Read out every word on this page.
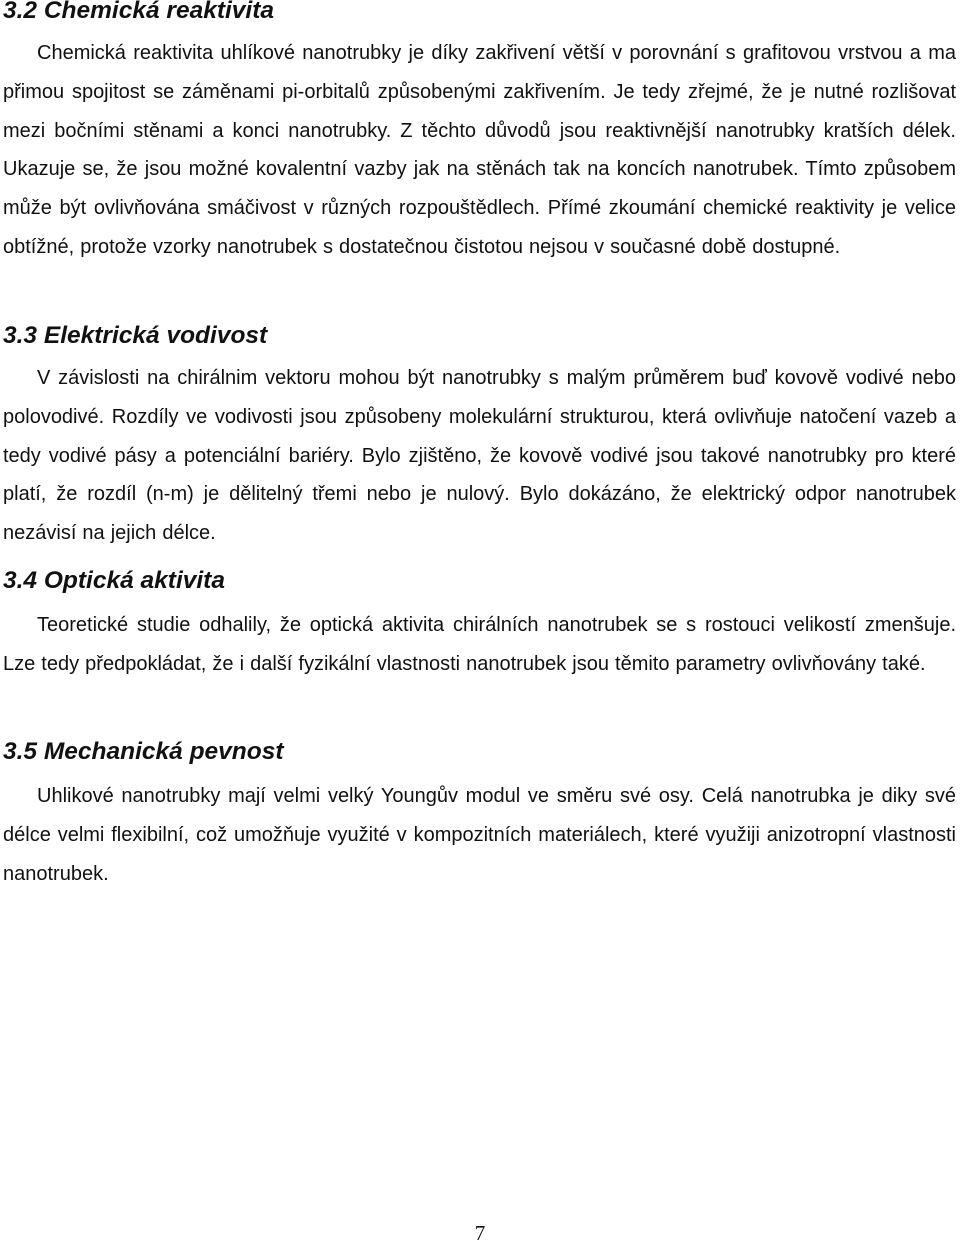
3.2 Chemická reaktivita

Chemická reaktivita uhlíkové nanotrubky je díky zakřivení větší v porovnání s grafitovou vrstvou a ma přimou spojitost se záměnami pi-orbitalů způsobenými zakřivením. Je tedy zřejmé, že je nutné rozlišovat mezi bočními stěnami a konci nanotrubky. Z těchto důvodů jsou reaktivnější nanotrubky kratších délek. Ukazuje se, že jsou možné kovalentní vazby jak na stěnách tak na koncích nanotrubek. Tímto způsobem může být ovlivňována smáčivost v různých rozpouštědlech. Přímé zkoumání chemické reaktivity je velice obtížné, protože vzorky nanotrubek s dostatečnou čistotou nejsou v současné době dostupné.

3.3 Elektrická vodivost

V závislosti na chirálnim vektoru mohou být nanotrubky s malým průměrem buď kovově vodivé nebo polovodivé. Rozdíly ve vodivosti jsou způsobeny molekulární strukturou, která ovlivňuje natočení vazeb a tedy vodivé pásy a potenciální bariéry. Bylo zjištěno, že kovově vodivé jsou takové nanotrubky pro které platí, že rozdíl (n-m) je dělitelný třemi nebo je nulový. Bylo dokázáno, že elektrický odpor nanotrubek nezávisí na jejich délce.

3.4 Optická aktivita

Teoretické studie odhalily, že optická aktivita chirálních nanotrubek se s rostouci velikostí zmenšuje. Lze tedy předpokládat, že i další fyzikální vlastnosti nanotrubek jsou těmito parametry ovlivňovány také.

3.5 Mechanická pevnost

Uhlikové nanotrubky mají velmi velký Youngův modul ve směru své osy. Celá nanotrubka je diky své délce velmi flexibilní, což umožňuje využité v kompozitních materiálech, které využiji anizotropní vlastnosti nanotrubek.

7
